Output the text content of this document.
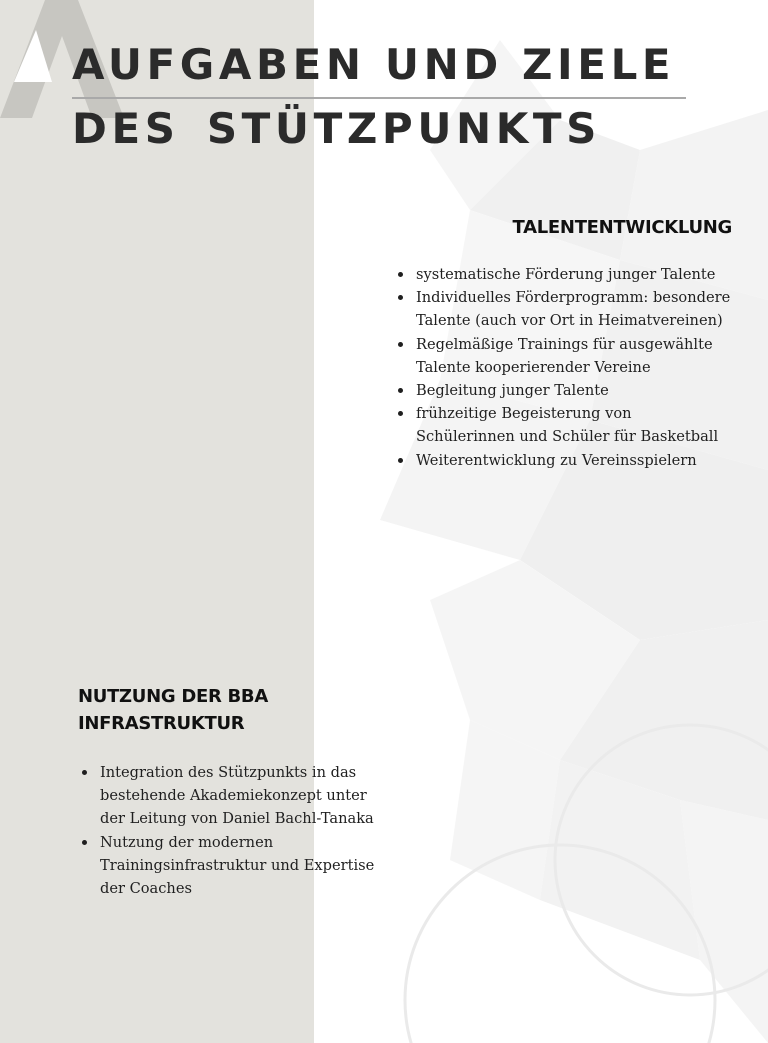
AUFGABEN UND ZIELE
DES STÜTZPUNKTS
TALENTENTWICKLUNG
systematische Förderung junger Talente
Individuelles Förderprogramm: besondere Talente (auch vor Ort in Heimatvereinen)
Regelmäßige Trainings für ausgewählte Talente kooperierender Vereine
Begleitung junger Talente
frühzeitige Begeisterung von Schülerinnen und Schüler für Basketball
Weiterentwicklung zu Vereinsspielern
NUTZUNG DER BBA
INFRASTRUKTUR
Integration des Stützpunkts in das bestehende Akademiekonzept unter der Leitung von Daniel Bachl-Tanaka
Nutzung der modernen Trainingsinfrastruktur und Expertise der Coaches
